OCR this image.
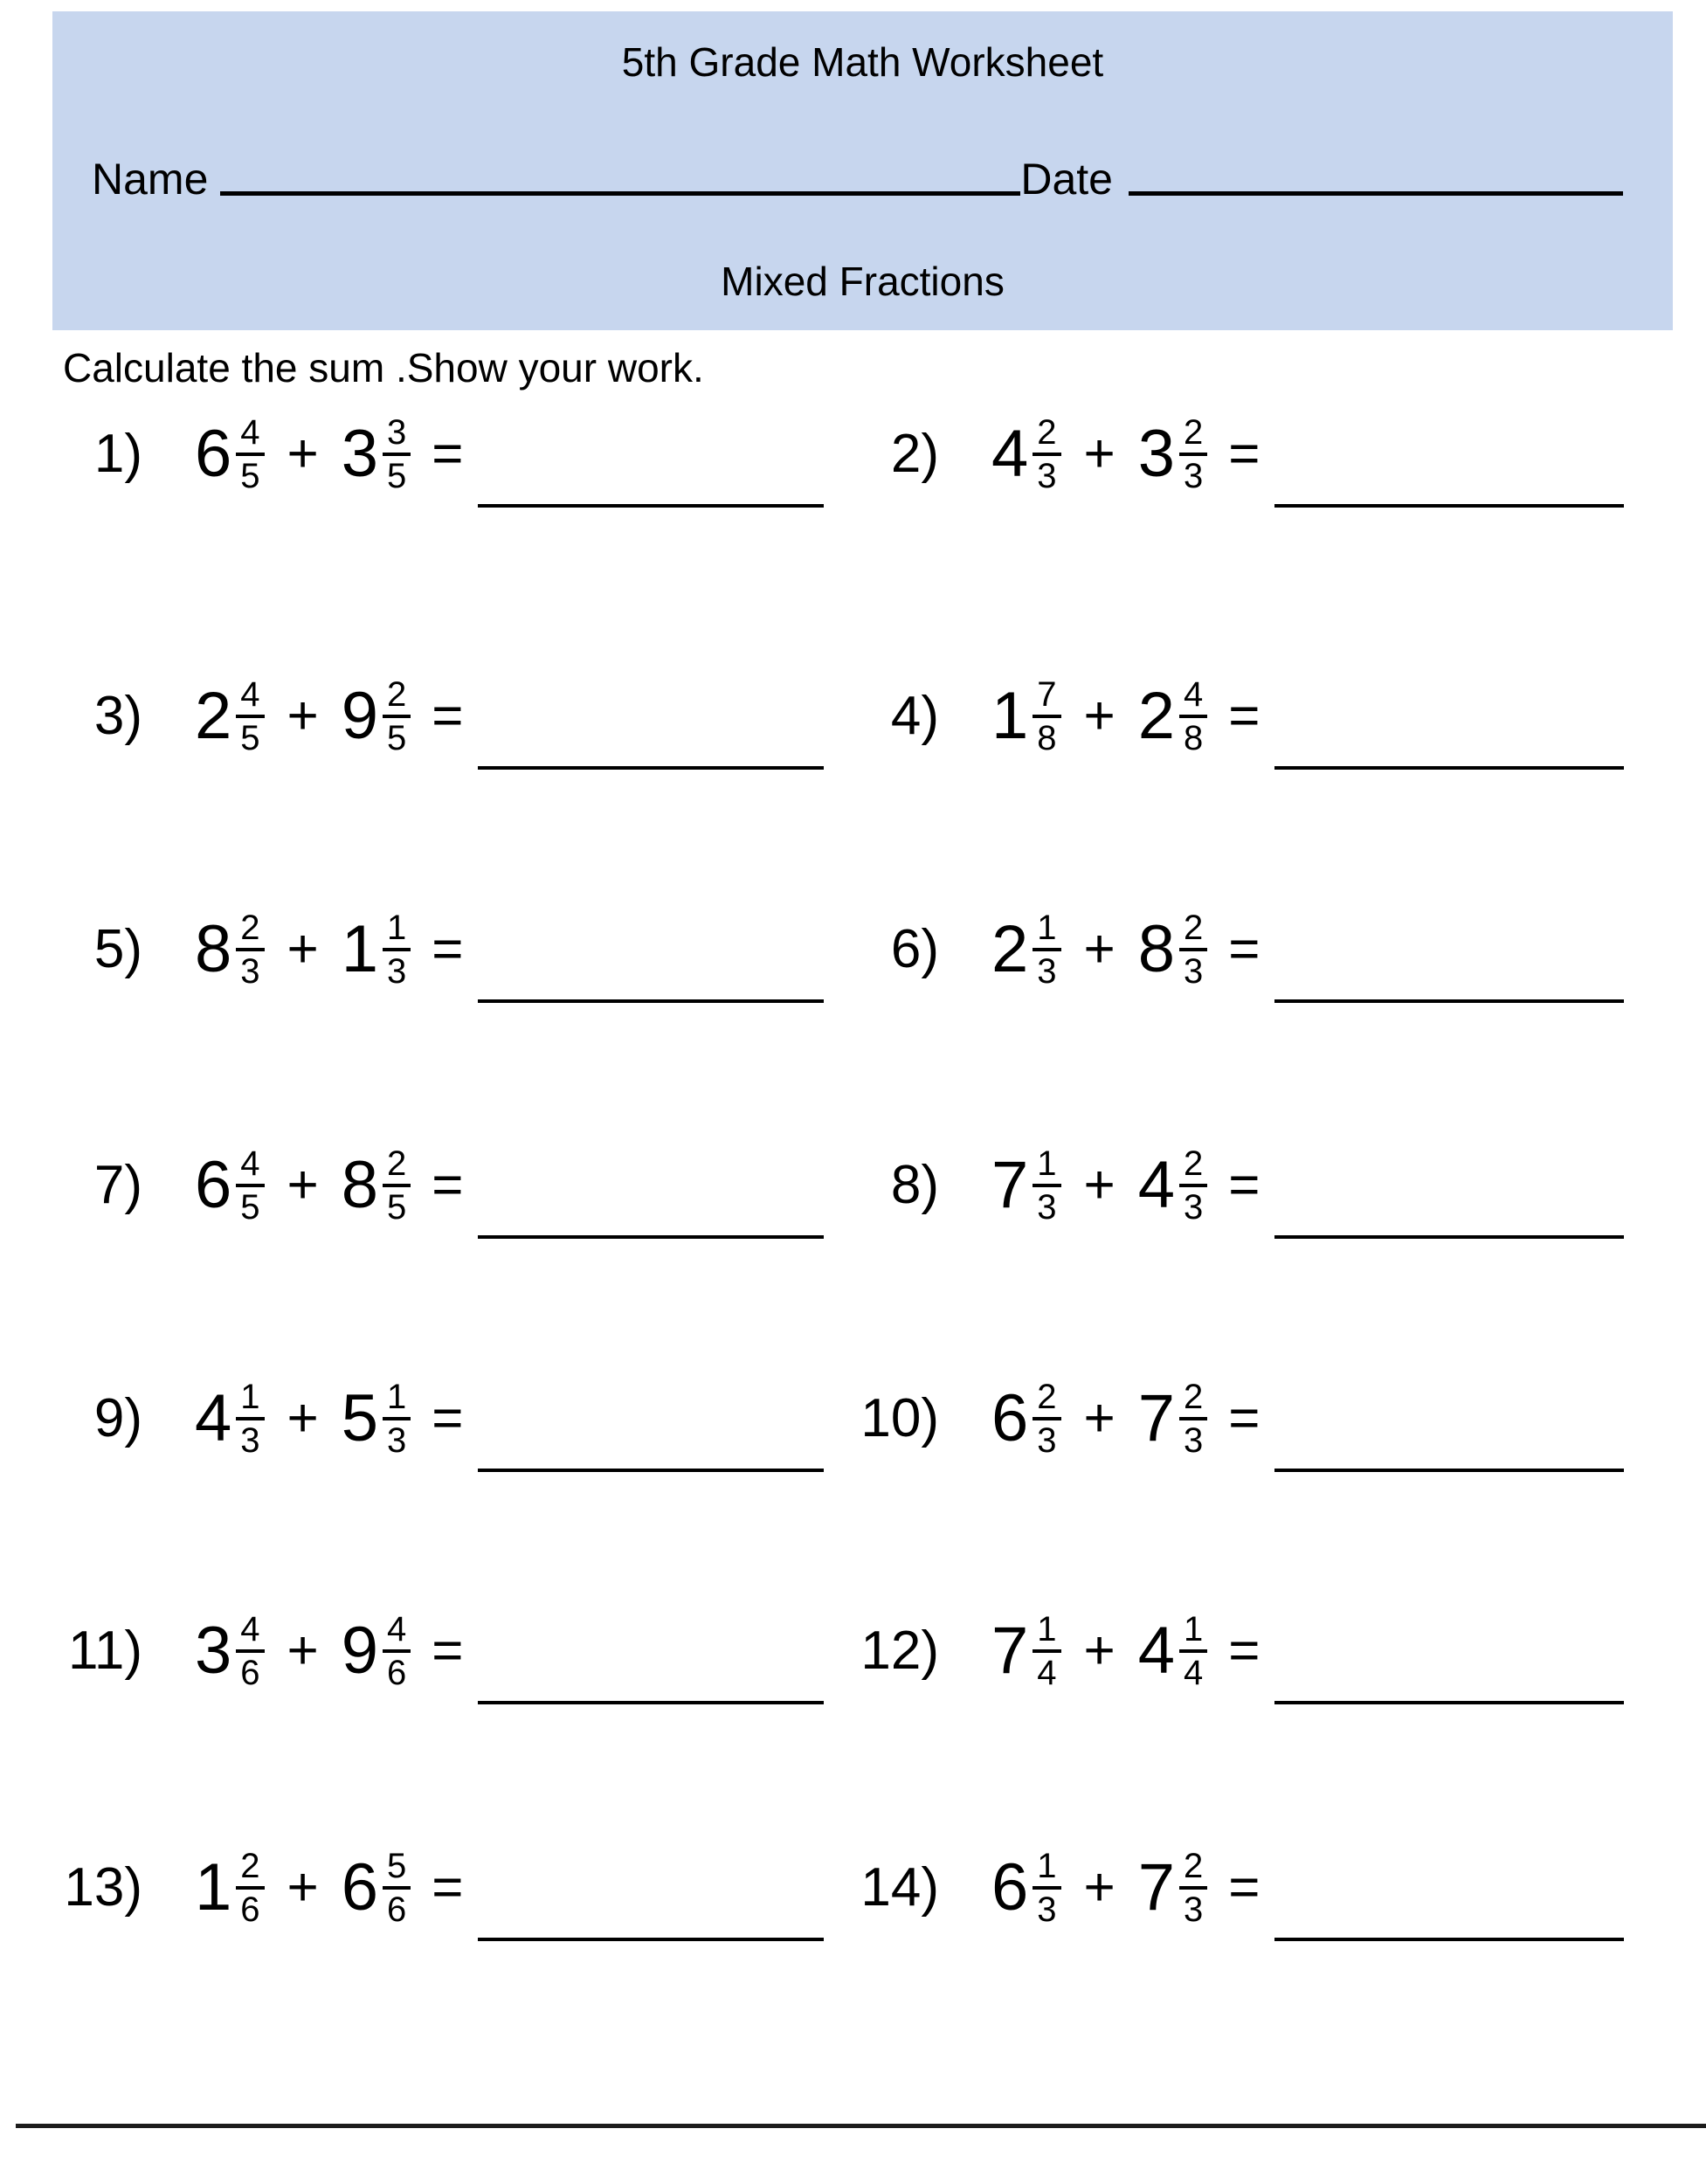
5th Grade Math Worksheet
Name	Date
Mixed Fractions
Calculate the sum .Show your work.
1) $6 \frac{4}{5} + 3 \frac{3}{5}$ =	2) $4 \frac{2}{3} + 3 \frac{2}{3}$ =
3) $2 \frac{4}{5} + 9 \frac{2}{5}$ =	4) $1 \frac{7}{8} + 2 \frac{4}{8}$ =
5) $8 \frac{2}{3} + 1 \frac{1}{3}$ =	6) $2 \frac{1}{3} + 8 \frac{2}{3}$ =
7) $6 \frac{4}{5} + 8 \frac{2}{5}$ =	8) $7 \frac{1}{3} + 4 \frac{2}{3}$ =
9) $4 \frac{1}{3} + 5 \frac{1}{3}$ =	10) $6 \frac{2}{3} + 7 \frac{2}{3}$ =
11) $3 \frac{4}{6} + 9 \frac{4}{6}$ =	12) $7 \frac{1}{4} + 4 \frac{1}{4}$ =
13) $1 \frac{2}{6} + 6 \frac{5}{6}$ =	14) $6 \frac{1}{3} + 7 \frac{2}{3}$ =
